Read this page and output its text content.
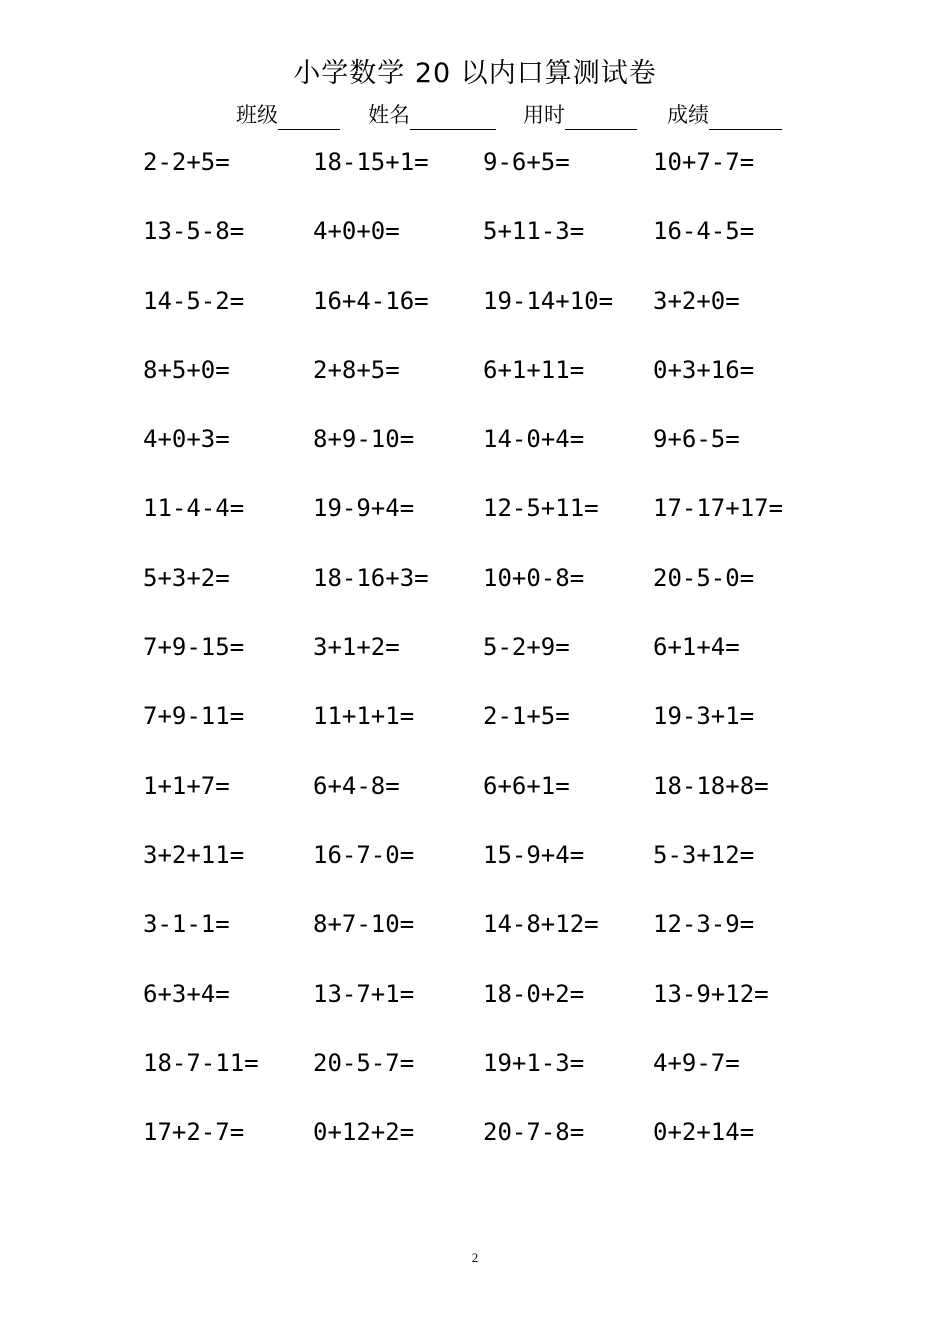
小学数学 20 以内口算测试卷
班级	姓名	用时	成绩
2-2+5=	18-15+1= 9-6+5=	10+7-7=
13-5-8=	4+0+0=	5+11-3=	16-4-5=
14-5-2=	16+4-16= 19-14+10= 3+2+0=
8+5+0=	2+8+5=	6+1+11=	0+3+16=
4+0+3=	8+9-10=	14-0+4=	9+6-5=
11-4-4=	19-9+4=	12-5+11= 17-17+17=
5+3+2=	18-16+3= 10+0-8=	20-5-0=
7+9-15=	3+1+2=	5-2+9=	6+1+4=
7+9-11=	11+1+1=	2-1+5=	19-3+1=
1+1+7=	6+4-8=	6+6+1=	18-18+8=
3+2+11=	16-7-0=	15-9+4=	5-3+12=
3-1-1=	8+7-10=	14-8+12= 12-3-9=
6+3+4=	13-7+1=	18-0+2=	13-9+12=
18-7-11= 20-5-7=	19+1-3=	4+9-7=
17+2-7=	0+12+2=	20-7-8=	0+2+14=
2
